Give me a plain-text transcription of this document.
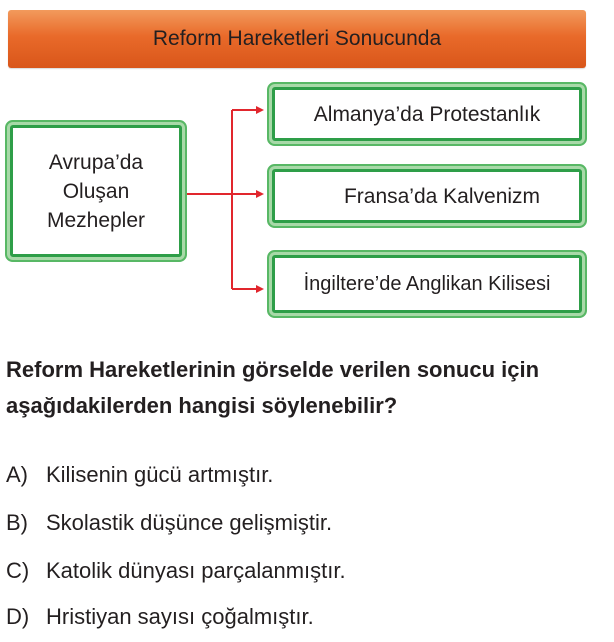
Reform Hareketleri Sonucunda
Avrupa’da
Oluşan
Mezhepler
Almanya’da Protestanlık
Fransa’da Kalvenizm
İngiltere’de Anglikan Kilisesi
Reform Hareketlerinin görselde verilen sonucu için aşağıdakilerden hangisi söylenebilir?
A) Kilisenin gücü artmıştır.
B) Skolastik düşünce gelişmiştir.
C) Katolik dünyası parçalanmıştır.
D) Hristiyan sayısı çoğalmıştır.
